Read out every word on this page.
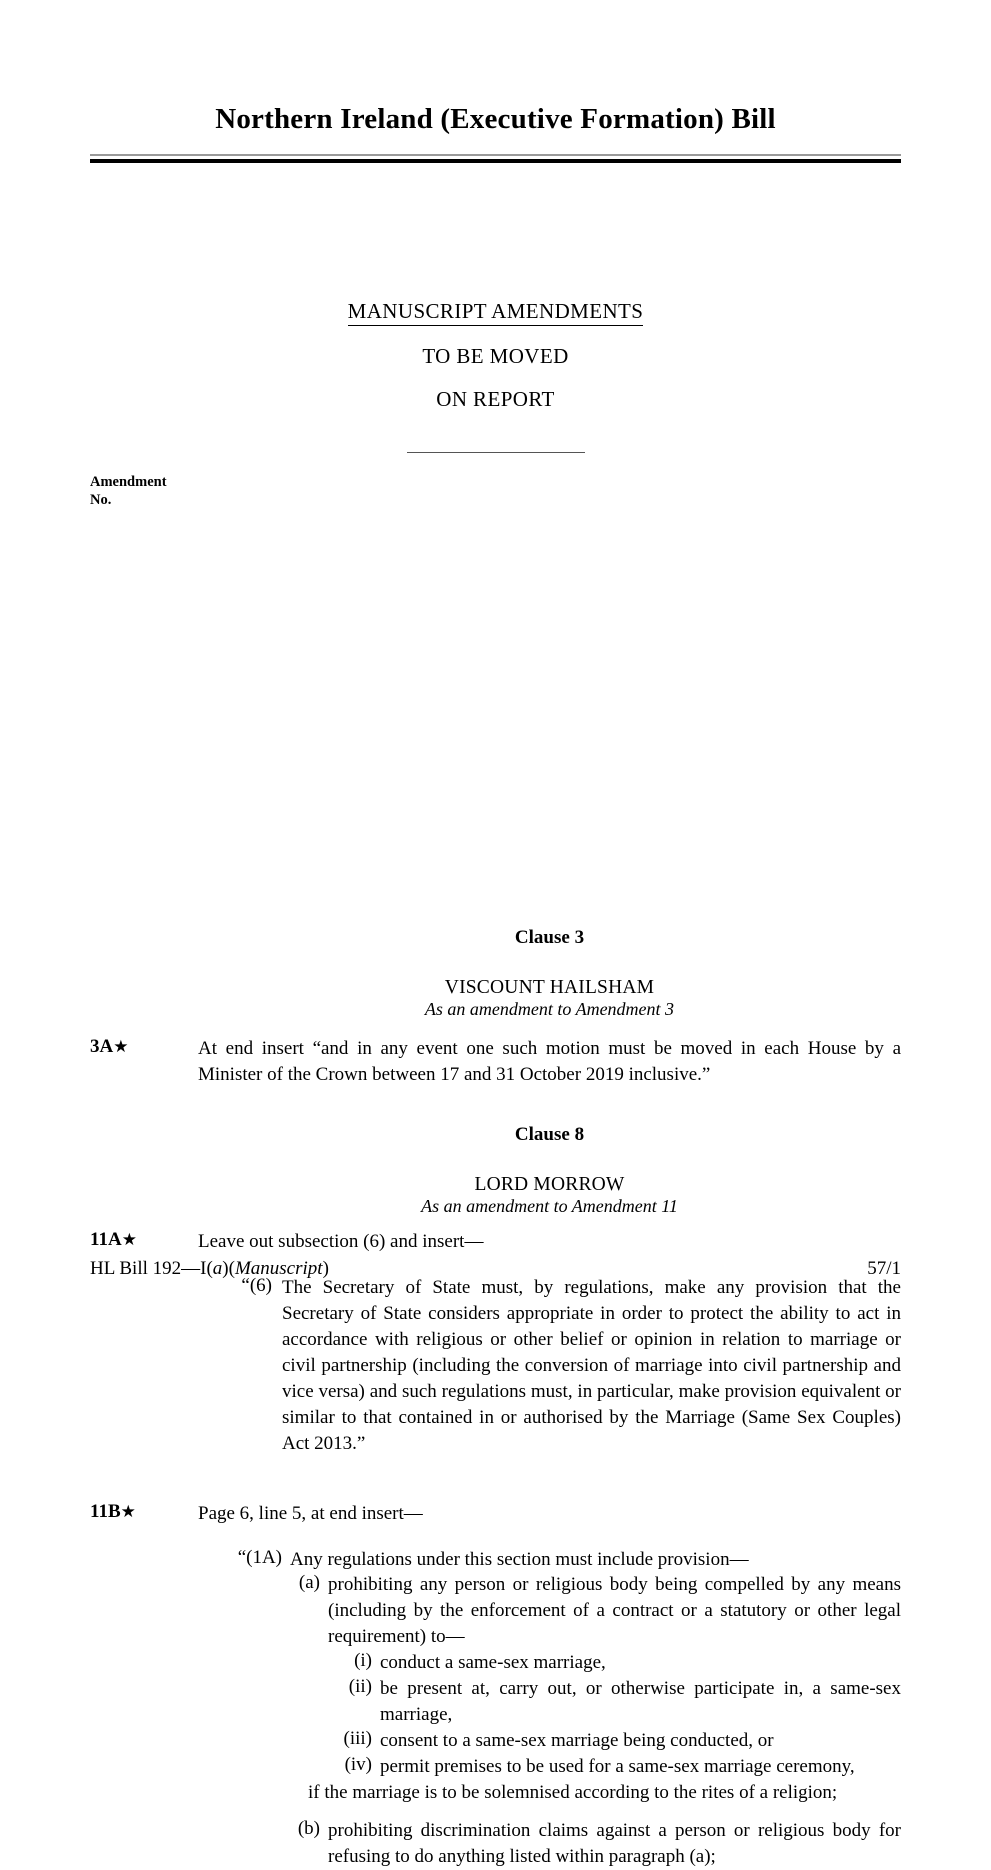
Northern Ireland (Executive Formation) Bill
MANUSCRIPT AMENDMENTS
TO BE MOVED
ON REPORT
Amendment
No.
Clause 3
VISCOUNT HAILSHAM
As an amendment to Amendment 3
3A★	At end insert “and in any event one such motion must be moved in each House by a Minister of the Crown between 17 and 31 October 2019 inclusive.”
Clause 8
LORD MORROW
As an amendment to Amendment 11
11A★	Leave out subsection (6) and insert—
“(6) The Secretary of State must, by regulations, make any provision that the Secretary of State considers appropriate in order to protect the ability to act in accordance with religious or other belief or opinion in relation to marriage or civil partnership (including the conversion of marriage into civil partnership and vice versa) and such regulations must, in particular, make provision equivalent or similar to that contained in or authorised by the Marriage (Same Sex Couples) Act 2013.”
11B★	Page 6, line 5, at end insert—
“(1A) Any regulations under this section must include provision—
(a) prohibiting any person or religious body being compelled by any means (including by the enforcement of a contract or a statutory or other legal requirement) to—
(i) conduct a same-sex marriage,
(ii) be present at, carry out, or otherwise participate in, a same-sex marriage,
(iii) consent to a same-sex marriage being conducted, or
(iv) permit premises to be used for a same-sex marriage ceremony,
if the marriage is to be solemnised according to the rites of a religion;
(b) prohibiting discrimination claims against a person or religious body for refusing to do anything listed within paragraph (a);
HL Bill 192—I(a)(Manuscript)	57/1
